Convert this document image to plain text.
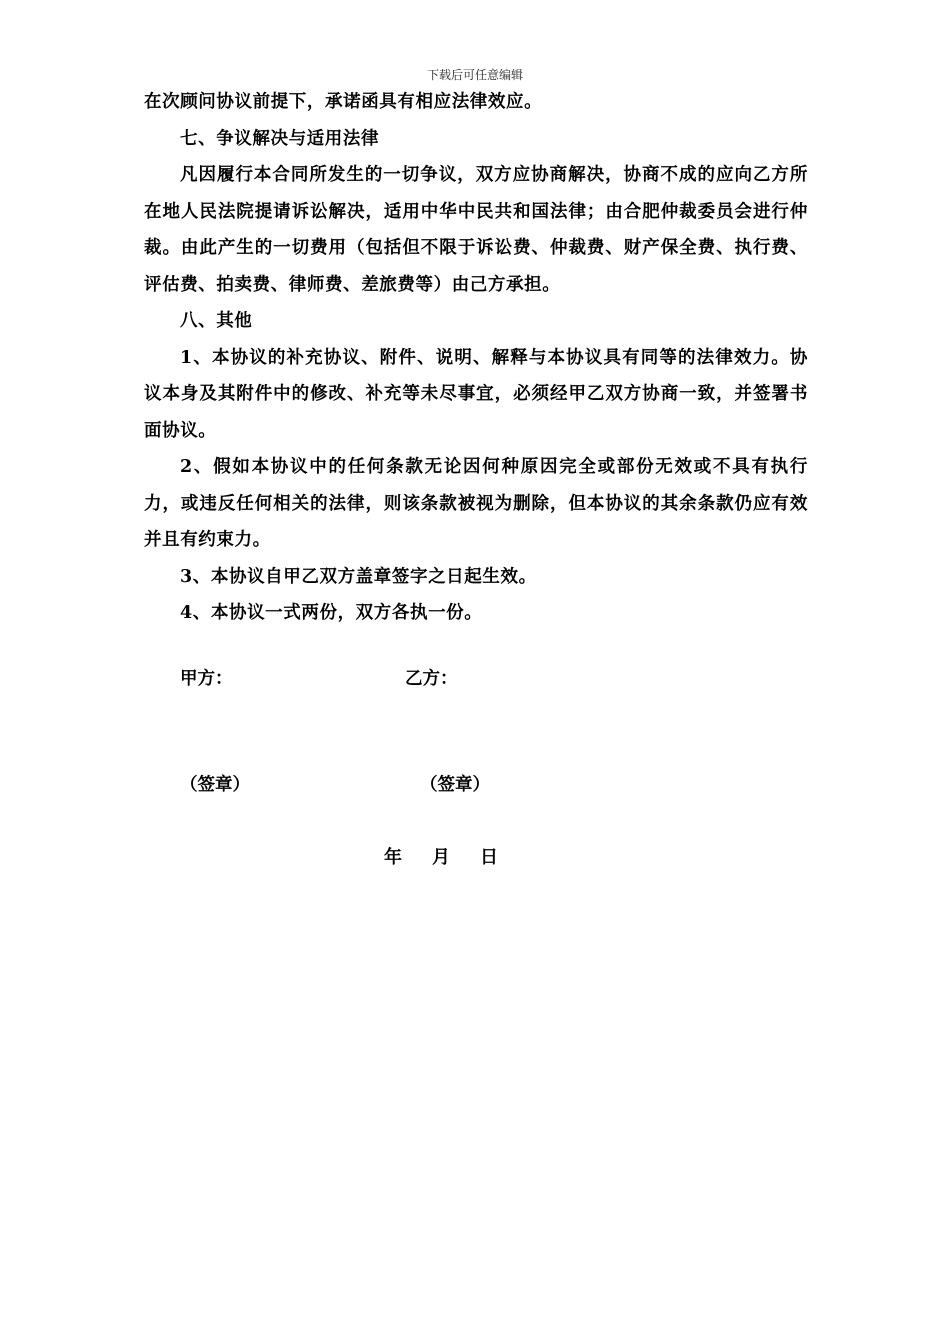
下载后可任意编辑

在次顾问协议前提下，承诺函具有相应法律效应。

七、争议解决与适用法律

凡因履行本合同所发生的一切争议，双方应协商解决，协商不成的应向乙方所在地人民法院提请诉讼解决，适用中华中民共和国法律；由合肥仲裁委员会进行仲裁。由此产生的一切费用（包括但不限于诉讼费、仲裁费、财产保全费、执行费、评估费、拍卖费、律师费、差旅费等）由己方承担。

八、其他

1、本协议的补充协议、附件、说明、解释与本协议具有同等的法律效力。协议本身及其附件中的修改、补充等未尽事宜，必须经甲乙双方协商一致，并签署书面协议。

2、假如本协议中的任何条款无论因何种原因完全或部份无效或不具有执行力，或违反任何相关的法律，则该条款被视为删除，但本协议的其余条款仍应有效并且有约束力。

3、本协议自甲乙双方盖章签字之日起生效。

4、本协议一式两份，双方各执一份。

甲方：	乙方：
（签章）	（签章）
年 月 日
